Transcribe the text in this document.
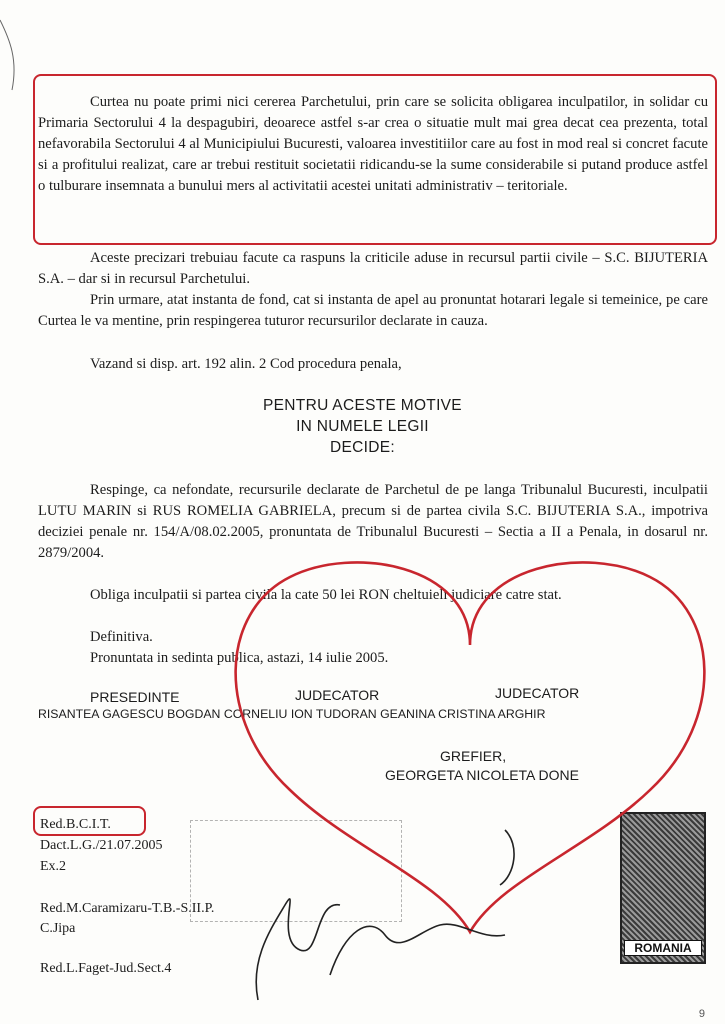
Curtea nu poate primi nici cererea Parchetului, prin care se solicita obligarea inculpatilor, in solidar cu Primaria Sectorului 4 la despagubiri, deoarece astfel s-ar crea o situatie mult mai grea decat cea prezenta, total nefavorabila Sectorului 4 al Municipiului Bucuresti, valoarea investitiilor care au fost in mod real si concret facute si a profitului realizat, care ar trebui restituit societatii ridicandu-se la sume considerabile si putand produce astfel o tulburare insemnata a bunului mers al activitatii acestei unitati administrativ – teritoriale.

Aceste precizari trebuiau facute ca raspuns la criticile aduse in recursul partii civile – S.C. BIJUTERIA S.A. – dar si in recursul Parchetului.

Prin urmare, atat instanta de fond, cat si instanta de apel au pronuntat hotarari legale si temeinice, pe care Curtea le va mentine, prin respingerea tuturor recursurilor declarate in cauza.

Vazand si disp. art. 192 alin. 2 Cod procedura penala,

PENTRU ACESTE MOTIVE

IN NUMELE LEGII

DECIDE:

Respinge, ca nefondate, recursurile declarate de Parchetul de pe langa Tribunalul Bucuresti, inculpatii LUTU MARIN si RUS ROMELIA GABRIELA, precum si de partea civila S.C. BIJUTERIA S.A., impotriva deciziei penale nr. 154/A/08.02.2005, pronuntata de Tribunalul Bucuresti – Sectia a II a Penala, in dosarul nr. 2879/2004.

Obliga inculpatii si partea civila la cate 50 lei RON cheltuieli judiciare catre stat.

Definitiva.

Pronuntata in sedinta publica, astazi, 14 iulie 2005.

PRESEDINTE	JUDECATOR	JUDECATOR
RISANTEA GAGESCU BOGDAN CORNELIU ION TUDORAN GEANINA CRISTINA ARGHIR
GREFIER,
GEORGETA NICOLETA DONE
Red.B.C.I.T.
Dact.L.G./21.07.2005
Ex.2
Red.M.Caramizaru-T.B.-S.II.P.
C.Jipa
Red.L.Faget-Jud.Sect.4
ROMANIA
9
